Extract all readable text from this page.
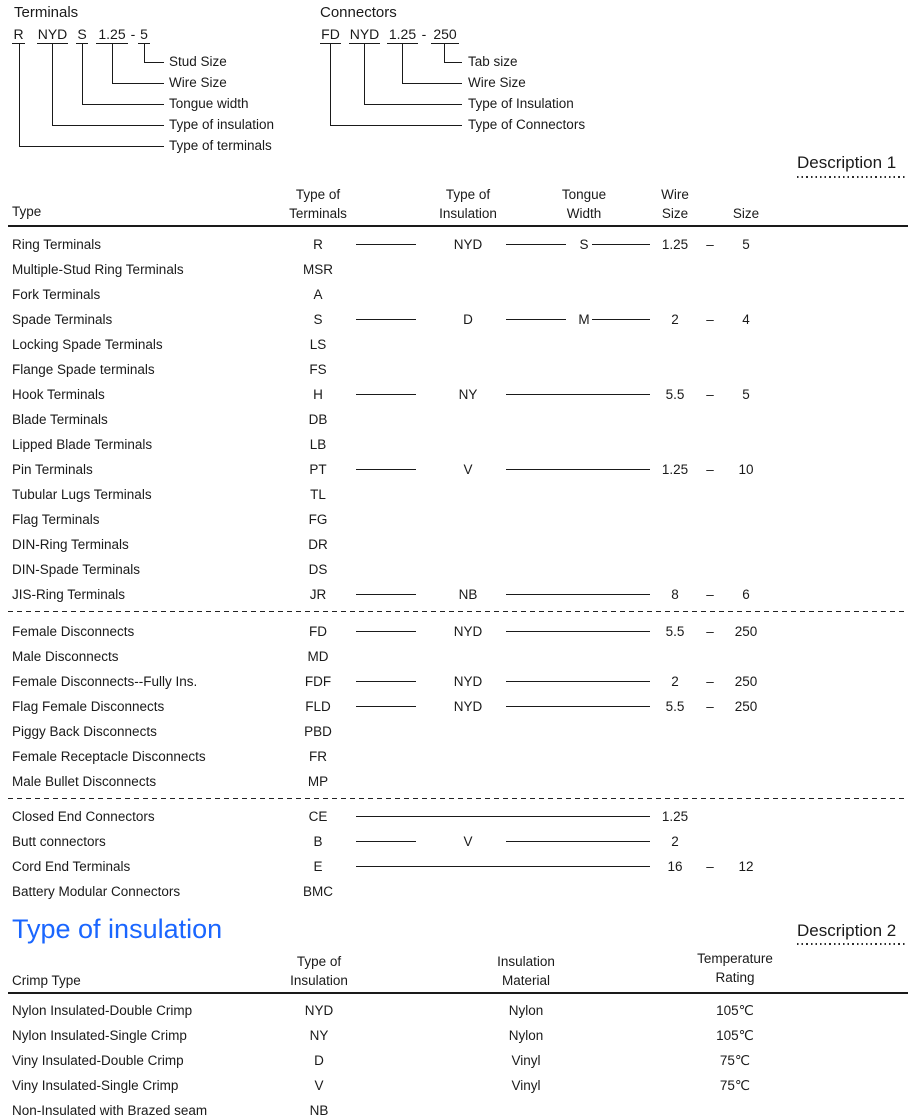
Terminals	Connectors
R NYD S 1.25 - 5
Stud Size
Wire Size
Tongue width
Type of insulation
Type of terminals
FD NYD 1.25 - 250
Tab size
Wire Size
Type of Insulation
Type of Connectors
Description 1
Type
Type of
Terminals
Type of
Insulation
Tongue
Width
Wire
Size	Size
Ring Terminals	R	NYD	S	1.25 – 5
Multiple-Stud Ring Terminals	MSR
Fork Terminals	A
Spade Terminals	S	D	M	2 – 4
Locking Spade Terminals	LS
Flange Spade terminals	FS
Hook Terminals	H	NY	5.5 – 5
Blade Terminals	DB
Lipped Blade Terminals	LB
Pin Terminals	PT	V	1.25 – 10
Tubular Lugs Terminals	TL
Flag Terminals	FG
DIN-Ring Terminals	DR
DIN-Spade Terminals	DS
JIS-Ring Terminals	JR	NB	8 – 6
Female Disconnects	FD	NYD	5.5 – 250
Male Disconnects	MD
Female Disconnects--Fully Ins.	FDF	NYD	2 – 250
Flag Female Disconnects	FLD	NYD	5.5 – 250
Piggy Back Disconnects	PBD
Female Receptacle Disconnects	FR
Male Bullet Disconnects	MP
Closed End Connectors	CE	1.25
Butt connectors	B	V	2
Cord End Terminals	E	16 – 12
Battery Modular Connectors	BMC
Type of insulation	Description 2
Crimp Type
Type of
Insulation
Insulation
Material
Temperature
Rating
Nylon Insulated-Double Crimp	NYD	Nylon	105℃
Nylon Insulated-Single Crimp	NY	Nylon	105℃
Viny Insulated-Double Crimp	D	Vinyl	75℃
Viny Insulated-Single Crimp	V	Vinyl	75℃
Non-Insulated with Brazed seam	NB
